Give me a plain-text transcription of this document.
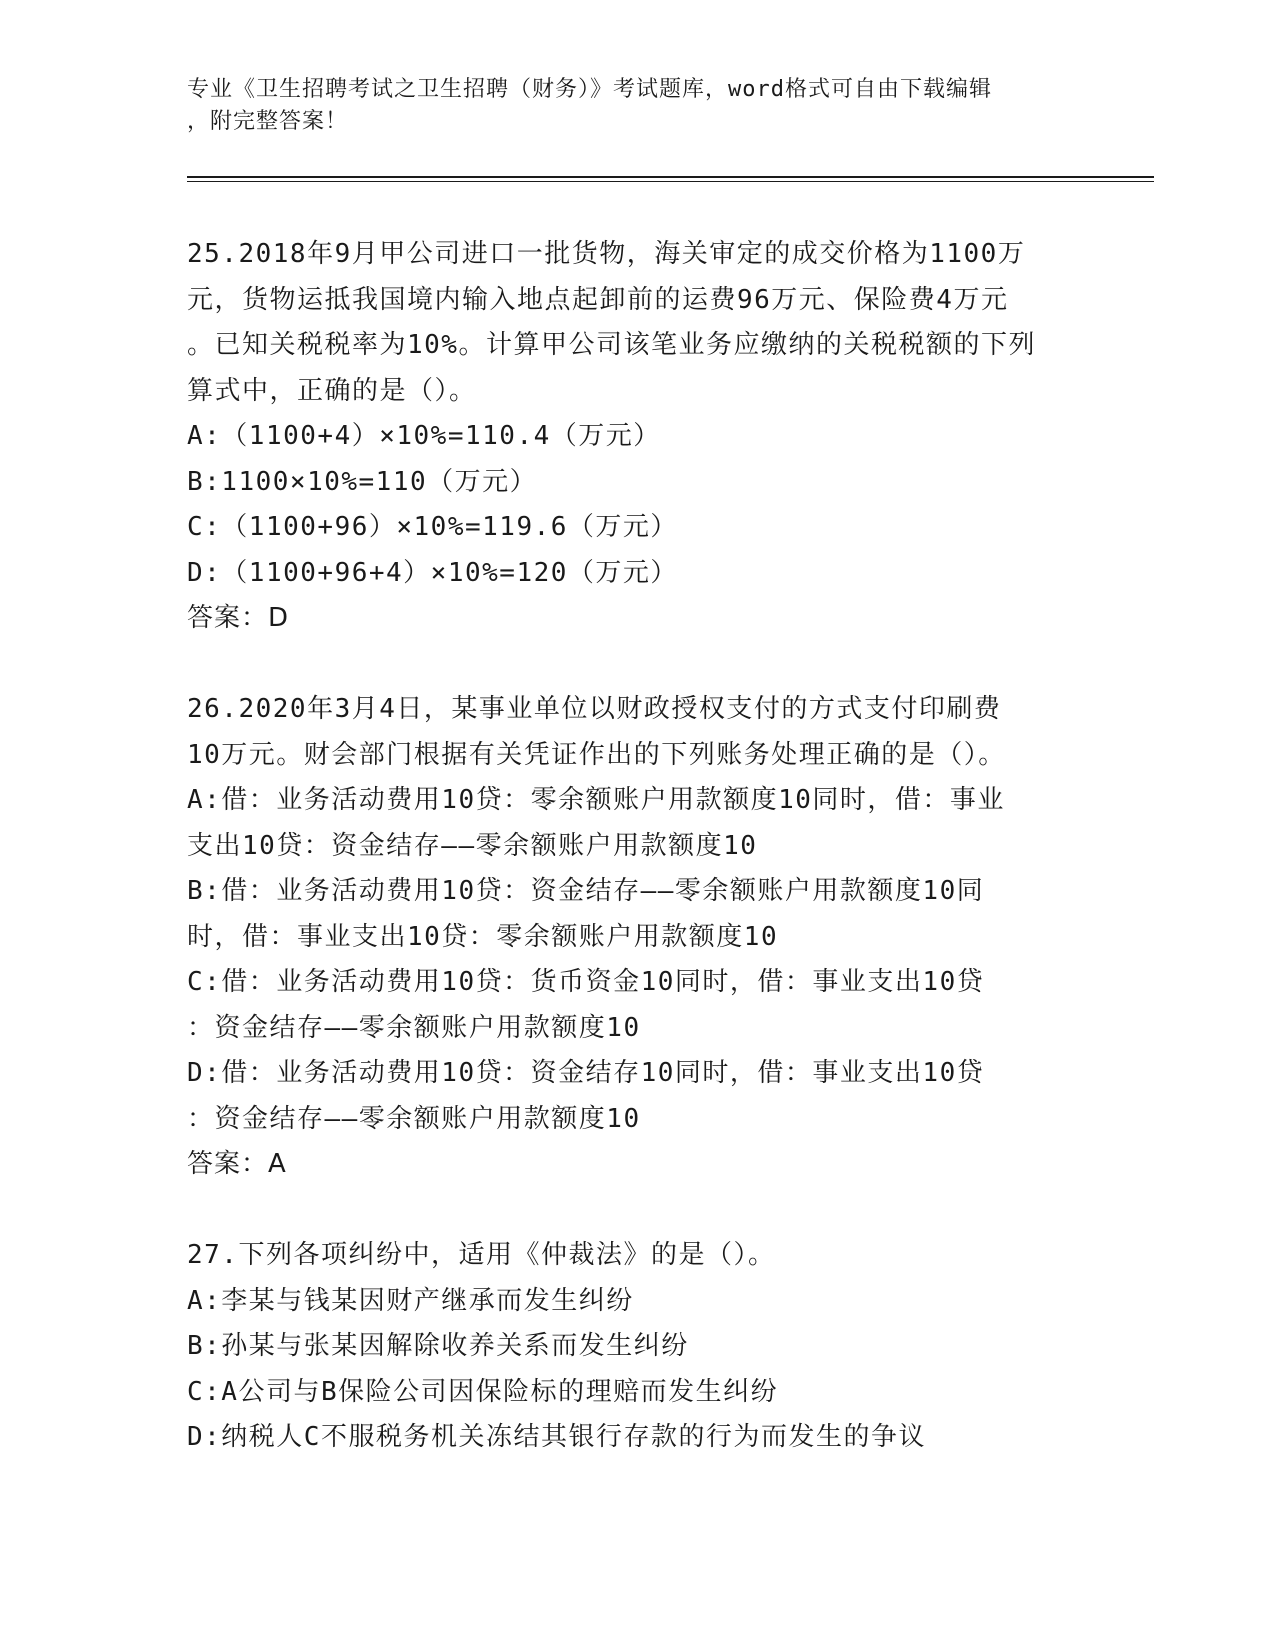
专业《卫生招聘考试之卫生招聘（财务）》考试题库，word格式可自由下载编辑
，附完整答案！
25.2018年9月甲公司进口一批货物，海关审定的成交价格为1100万
元，货物运抵我国境内输入地点起卸前的运费96万元、保险费4万元
。已知关税税率为10%。计算甲公司该笔业务应缴纳的关税税额的下列
算式中，正确的是（）。
A:（1100+4）×10%=110.4（万元）
B:1100×10%=110（万元）
C:（1100+96）×10%=119.6（万元）
D:（1100+96+4）×10%=120（万元）
答案：D
26.2020年3月4日，某事业单位以财政授权支付的方式支付印刷费
10万元。财会部门根据有关凭证作出的下列账务处理正确的是（）。
A:借：业务活动费用10贷：零余额账户用款额度10同时，借：事业
支出10贷：资金结存——零余额账户用款额度10
B:借：业务活动费用10贷：资金结存——零余额账户用款额度10同
时，借：事业支出10贷：零余额账户用款额度10
C:借：业务活动费用10贷：货币资金10同时，借：事业支出10贷
：资金结存——零余额账户用款额度10
D:借：业务活动费用10贷：资金结存10同时，借：事业支出10贷
：资金结存——零余额账户用款额度10
答案：A
27.下列各项纠纷中，适用《仲裁法》的是（）。
A:李某与钱某因财产继承而发生纠纷
B:孙某与张某因解除收养关系而发生纠纷
C:A公司与B保险公司因保险标的理赔而发生纠纷
D:纳税人C不服税务机关冻结其银行存款的行为而发生的争议
